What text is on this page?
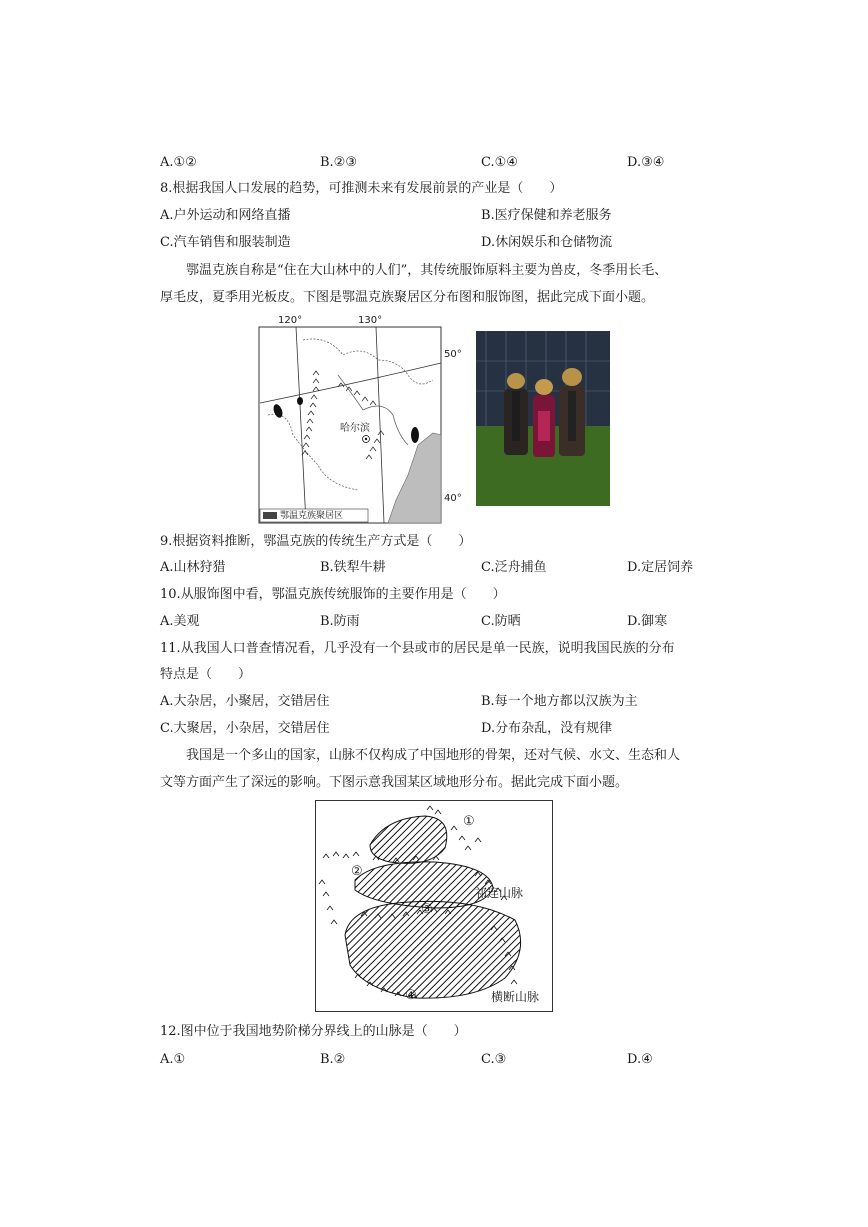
A.①②	B.②③	C.①④	D.③④
8.根据我国人口发展的趋势，可推测未来有发展前景的产业是（　　）
A.户外运动和网络直播	B.医疗保健和养老服务
C.汽车销售和服装制造	D.休闲娱乐和仓储物流
鄂温克族自称是“住在大山林中的人们”，其传统服饰原料主要为兽皮，冬季用长毛、
厚毛皮，夏季用光板皮。下图是鄂温克族聚居区分布图和服饰图，据此完成下面小题。
120°	130°
50°
40°
哈尔滨
鄂温克族聚居区
9.根据资料推断，鄂温克族的传统生产方式是（　　）
A.山林狩猎	B.铁犁牛耕	C.泛舟捕鱼	D.定居饲养
10.从服饰图中看，鄂温克族传统服饰的主要作用是（　　）
A.美观	B.防雨	C.防晒	D.御寒
11.从我国人口普查情况看，几乎没有一个县或市的居民是单一民族，说明我国民族的分布
特点是（　　）
A.大杂居，小聚居，交错居住	B.每一个地方都以汉族为主
C.大聚居，小杂居，交错居住	D.分布杂乱，没有规律
我国是一个多山的国家，山脉不仅构成了中国地形的骨架，还对气候、水文、生态和人
文等方面产生了深远的影响。下图示意我国某区域地形分布。据此完成下面小题。
①
②
③
④
祁连山脉
横断山脉
12.图中位于我国地势阶梯分界线上的山脉是（　　）
A.①	B.②	C.③	D.④
